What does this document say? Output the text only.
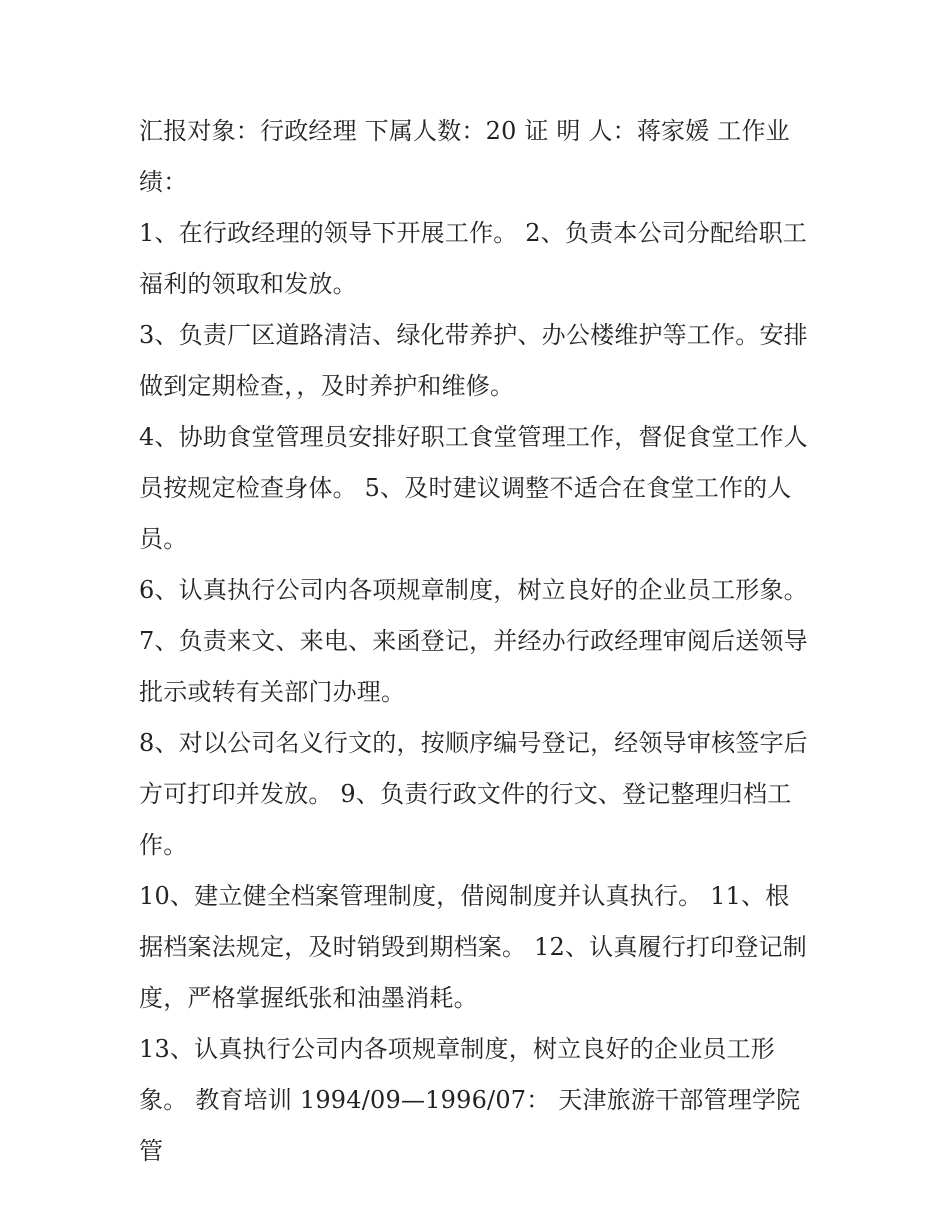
汇报对象：行政经理 下属人数：20 证 明 人：蒋家媛 工作业绩：

1、在行政经理的领导下开展工作。 2、负责本公司分配给职工福利的领取和发放。

3、负责厂区道路清洁、绿化带养护、办公楼维护等工作。安排做到定期检查，，及时养护和维修。

4、协助食堂管理员安排好职工食堂管理工作，督促食堂工作人员按规定检查身体。 5、及时建议调整不适合在食堂工作的人员。

6、认真执行公司内各项规章制度，树立良好的企业员工形象。 7、负责来文、来电、来函登记，并经办行政经理审阅后送领导批示或转有关部门办理。

8、对以公司名义行文的，按顺序编号登记，经领导审核签字后方可打印并发放。 9、负责行政文件的行文、登记整理归档工作。

10、建立健全档案管理制度，借阅制度并认真执行。 11、根据档案法规定，及时销毁到期档案。 12、认真履行打印登记制度，严格掌握纸张和油墨消耗。

13、认真执行公司内各项规章制度，树立良好的企业员工形象。 教育培训 1994/09—1996/07： 天津旅游干部管理学院 管
